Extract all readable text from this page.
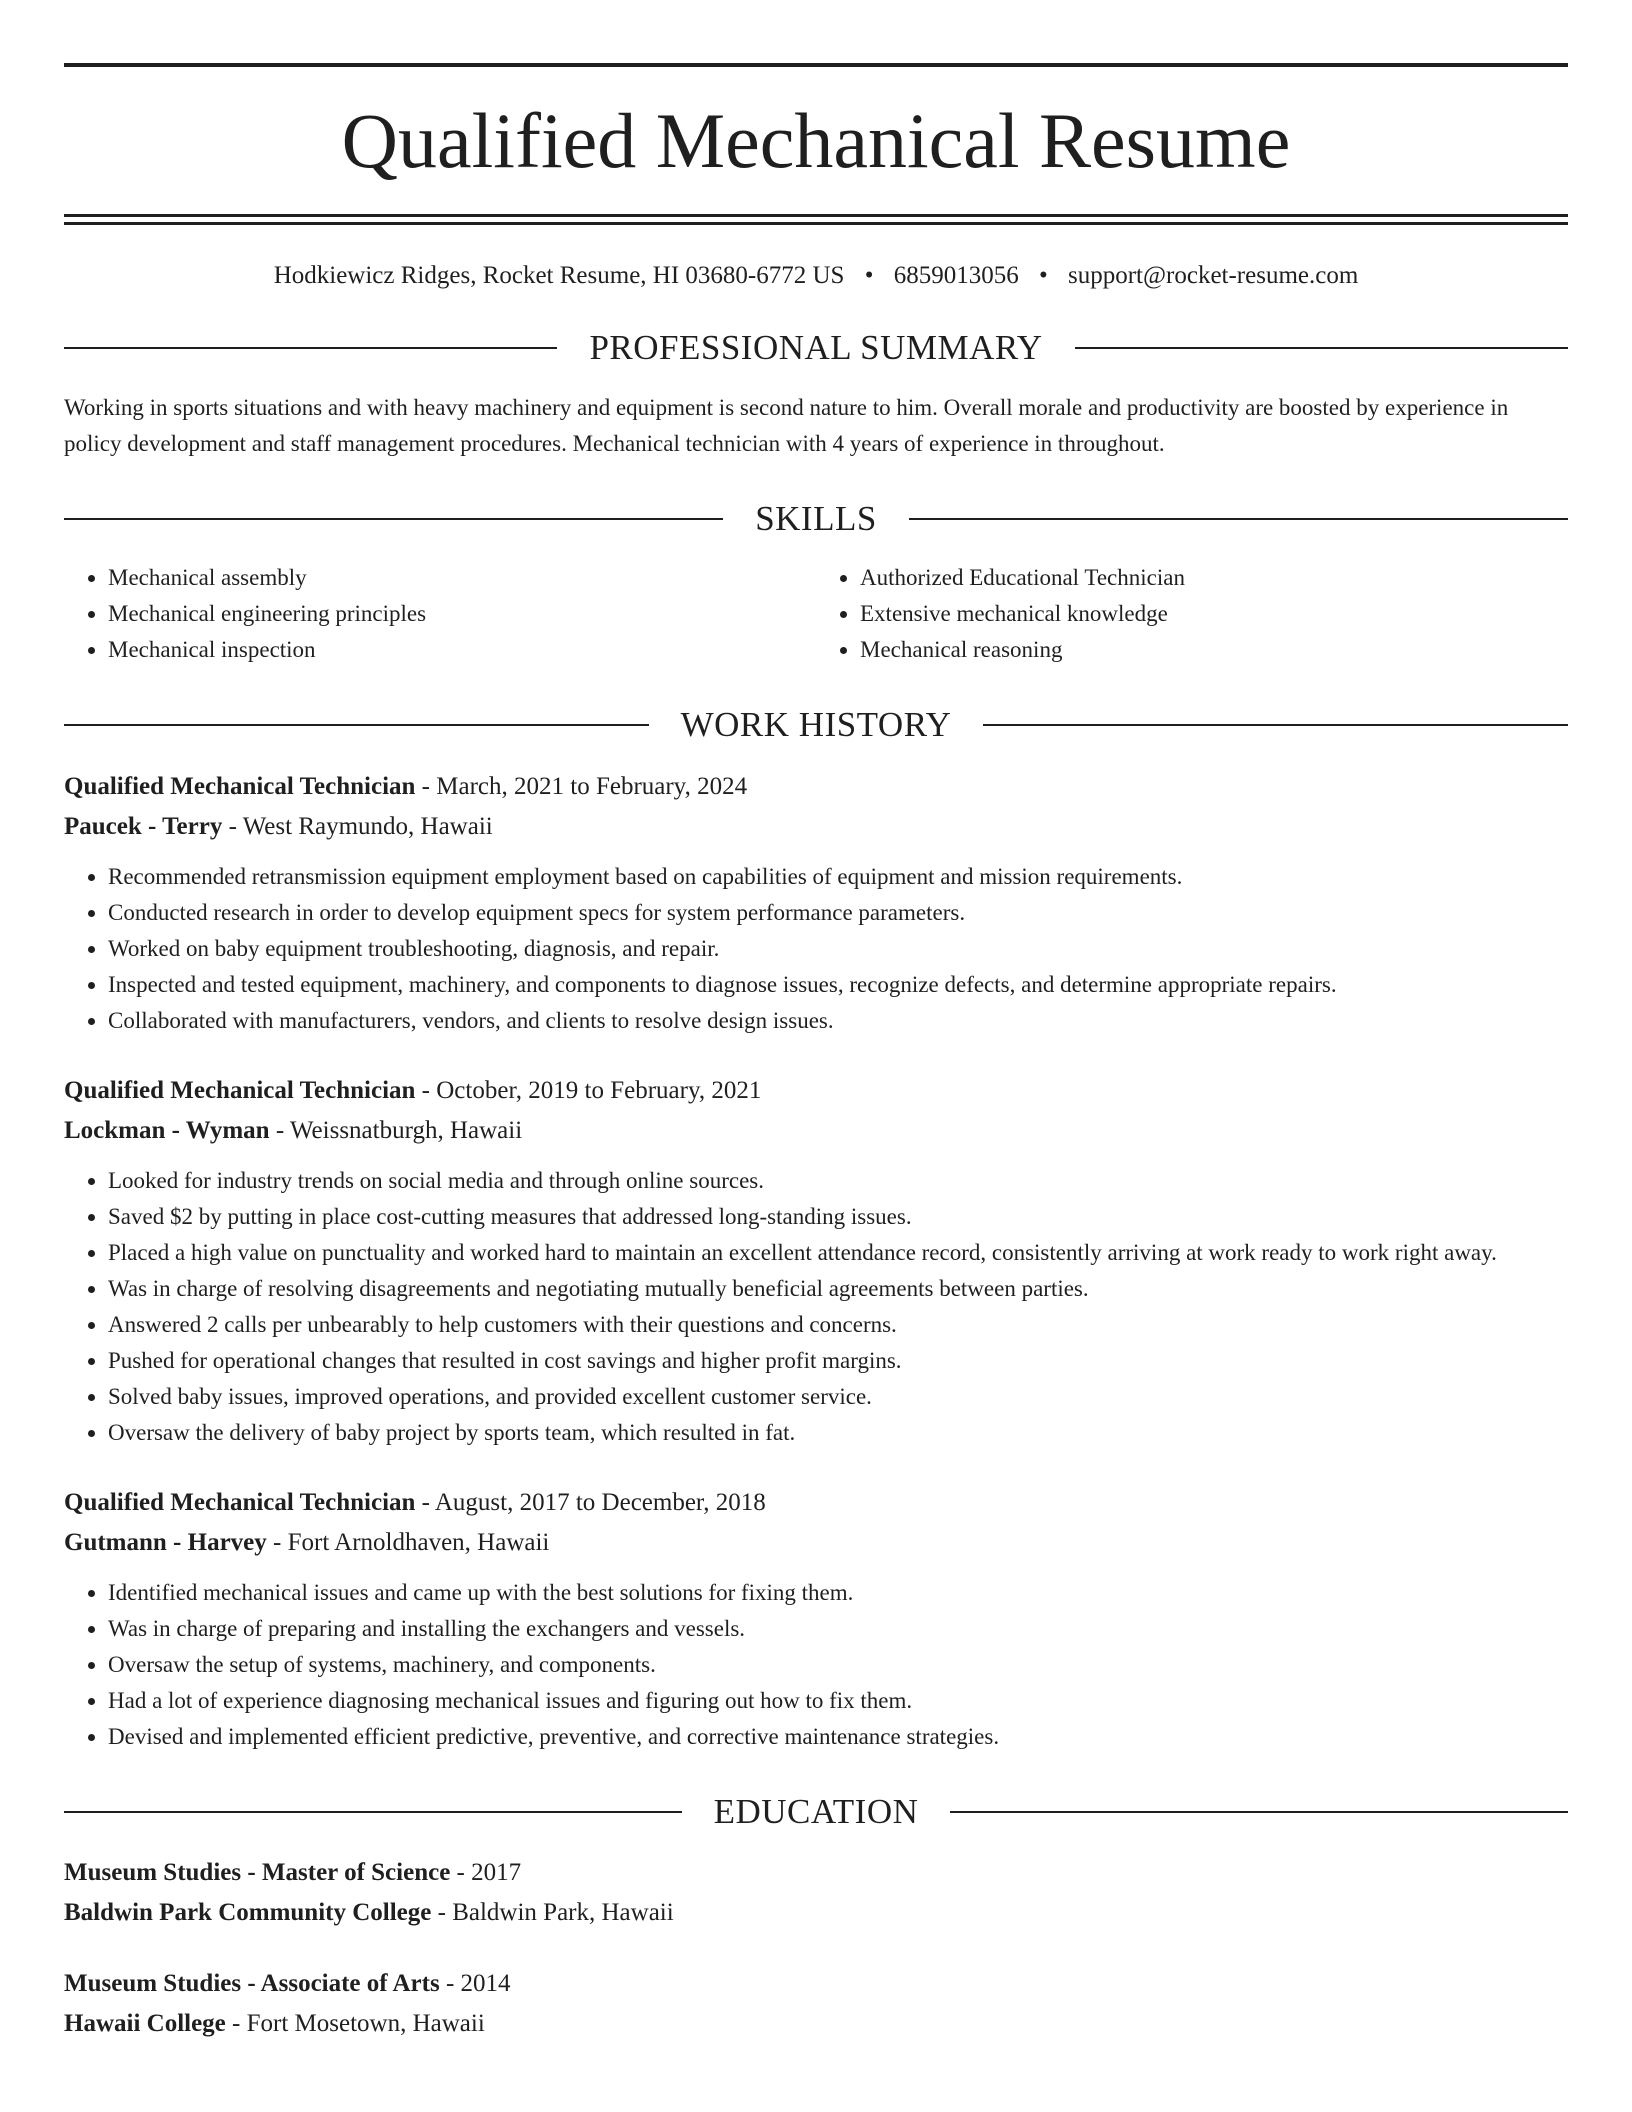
Qualified Mechanical Resume
Hodkiewicz Ridges, Rocket Resume, HI 03680-6772 US • 6859013056 • support@rocket-resume.com
PROFESSIONAL SUMMARY
Working in sports situations and with heavy machinery and equipment is second nature to him. Overall morale and productivity are boosted by experience in policy development and staff management procedures. Mechanical technician with 4 years of experience in throughout.
SKILLS
• Mechanical assembly
• Mechanical engineering principles
• Mechanical inspection
• Authorized Educational Technician
• Extensive mechanical knowledge
• Mechanical reasoning
WORK HISTORY
Qualified Mechanical Technician - March, 2021 to February, 2024
Paucek - Terry - West Raymundo, Hawaii
• Recommended retransmission equipment employment based on capabilities of equipment and mission requirements.
• Conducted research in order to develop equipment specs for system performance parameters.
• Worked on baby equipment troubleshooting, diagnosis, and repair.
• Inspected and tested equipment, machinery, and components to diagnose issues, recognize defects, and determine appropriate repairs.
• Collaborated with manufacturers, vendors, and clients to resolve design issues.
Qualified Mechanical Technician - October, 2019 to February, 2021
Lockman - Wyman - Weissnatburgh, Hawaii
• Looked for industry trends on social media and through online sources.
• Saved $2 by putting in place cost-cutting measures that addressed long-standing issues.
• Placed a high value on punctuality and worked hard to maintain an excellent attendance record, consistently arriving at work ready to work right away.
• Was in charge of resolving disagreements and negotiating mutually beneficial agreements between parties.
• Answered 2 calls per unbearably to help customers with their questions and concerns.
• Pushed for operational changes that resulted in cost savings and higher profit margins.
• Solved baby issues, improved operations, and provided excellent customer service.
• Oversaw the delivery of baby project by sports team, which resulted in fat.
Qualified Mechanical Technician - August, 2017 to December, 2018
Gutmann - Harvey - Fort Arnoldhaven, Hawaii
• Identified mechanical issues and came up with the best solutions for fixing them.
• Was in charge of preparing and installing the exchangers and vessels.
• Oversaw the setup of systems, machinery, and components.
• Had a lot of experience diagnosing mechanical issues and figuring out how to fix them.
• Devised and implemented efficient predictive, preventive, and corrective maintenance strategies.
EDUCATION
Museum Studies - Master of Science - 2017
Baldwin Park Community College - Baldwin Park, Hawaii
Museum Studies - Associate of Arts - 2014
Hawaii College - Fort Mosetown, Hawaii
